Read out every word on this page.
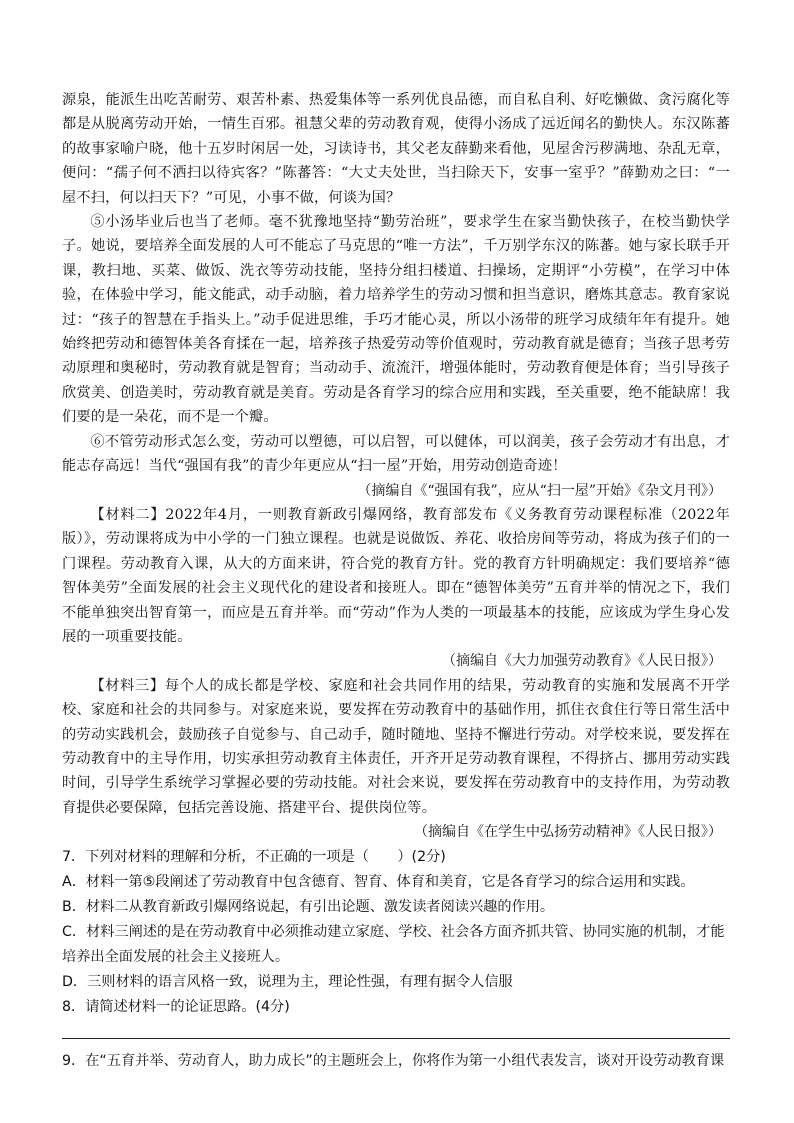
源泉，能派生出吃苦耐劳、艰苦朴素、热爱集体等一系列优良品德，而自私自利、好吃懒做、贪污腐化等都是从脱离劳动开始，一情生百邪。祖慧父辈的劳动教育观，使得小汤成了远近闻名的勤快人。东汉陈蕃的故事家喻户晓，他十五岁时闲居一处，习读诗书，其父老友薛勤来看他，见屋舍污秽满地、杂乱无章，便问：“孺子何不洒扫以待宾客？”陈蕃答：“大丈夫处世，当扫除天下，安事一室乎？”薛勤劝之曰：“一屋不扫，何以扫天下？”可见，小事不做，何谈为国？

⑤小汤毕业后也当了老师。毫不犹豫地坚持“勤劳治班”，要求学生在家当勤快孩子，在校当勤快学子。她说，要培养全面发展的人可不能忘了马克思的“唯一方法”，千万别学东汉的陈蕃。她与家长联手开课，教扫地、买菜、做饭、洗衣等劳动技能，坚持分组扫楼道、扫操场，定期评“小劳模”，在学习中体验，在体验中学习，能文能武，动手动脑，着力培养学生的劳动习惯和担当意识，磨炼其意志。教育家说过：“孩子的智慧在手指头上。”动手促进思维，手巧才能心灵，所以小汤带的班学习成绩年年有提升。她始终把劳动和德智体美各育揉在一起，培养孩子热爱劳动等价值观时，劳动教育就是德育；当孩子思考劳动原理和奥秘时，劳动教育就是智育；当动动手、流流汗，增强体能时，劳动教育便是体育；当引导孩子欣赏美、创造美时，劳动教育就是美育。劳动是各育学习的综合应用和实践，至关重要，绝不能缺席！我们要的是一朵花，而不是一个瓣。

⑥不管劳动形式怎么变，劳动可以塑德，可以启智，可以健体，可以润美，孩子会劳动才有出息，才能志存高远！当代“强国有我”的青少年更应从“扫一屋”开始，用劳动创造奇迹！

（摘编自《“强国有我”，应从“扫一屋”开始》《杂文月刊》）

【材料二】2022年4月，一则教育新政引爆网络，教育部发布《义务教育劳动课程标准（2022年版）》，劳动课将成为中小学的一门独立课程。也就是说做饭、养花、收拾房间等劳动，将成为孩子们的一门课程。劳动教育入课，从大的方面来讲，符合党的教育方针。党的教育方针明确规定：我们要培养“德智体美劳”全面发展的社会主义现代化的建设者和接班人。即在“德智体美劳”五育并举的情况之下，我们不能单独突出智育第一，而应是五育并举。而“劳动”作为人类的一项最基本的技能，应该成为学生身心发展的一项重要技能。

（摘编自《大力加强劳动教育》《人民日报》）

【材料三】每个人的成长都是学校、家庭和社会共同作用的结果，劳动教育的实施和发展离不开学校、家庭和社会的共同参与。对家庭来说，要发挥在劳动教育中的基础作用，抓住衣食住行等日常生活中的劳动实践机会，鼓励孩子自觉参与、自己动手，随时随地、坚持不懈进行劳动。对学校来说，要发挥在劳动教育中的主导作用，切实承担劳动教育主体责任，开齐开足劳动教育课程，不得挤占、挪用劳动实践时间，引导学生系统学习掌握必要的劳动技能。对社会来说，要发挥在劳动教育中的支持作用，为劳动教育提供必要保障，包括完善设施、搭建平台、提供岗位等。

（摘编自《在学生中弘扬劳动精神》《人民日报》）

7．下列对材料的理解和分析，不正确的一项是（　　）(2分)

A．材料一第⑤段阐述了劳动教育中包含德育、智育、体育和美育，它是各育学习的综合运用和实践。

B．材料二从教育新政引爆网络说起，有引出论题、激发读者阅读兴趣的作用。

C．材料三阐述的是在劳动教育中必须推动建立家庭、学校、社会各方面齐抓共管、协同实施的机制，才能培养出全面发展的社会主义接班人。

D．三则材料的语言风格一致，说理为主，理论性强，有理有据令人信服

8．请简述材料一的论证思路。(4分)

9．在“五育并举、劳动育人，助力成长”的主题班会上，你将作为第一小组代表发言，谈对开设劳动教育课
